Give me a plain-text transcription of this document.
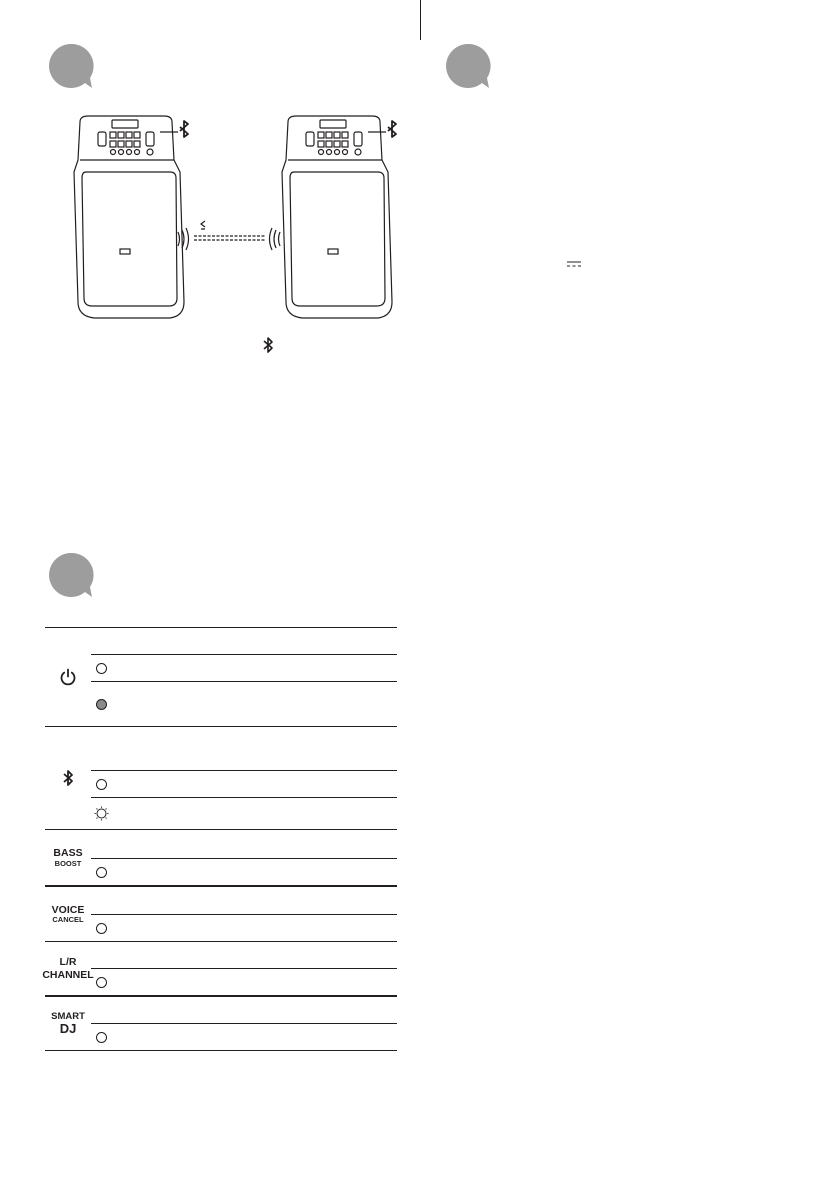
BASS
BOOST
VOICE
CANCEL
L/R
CHANNEL
SMART
DJ
